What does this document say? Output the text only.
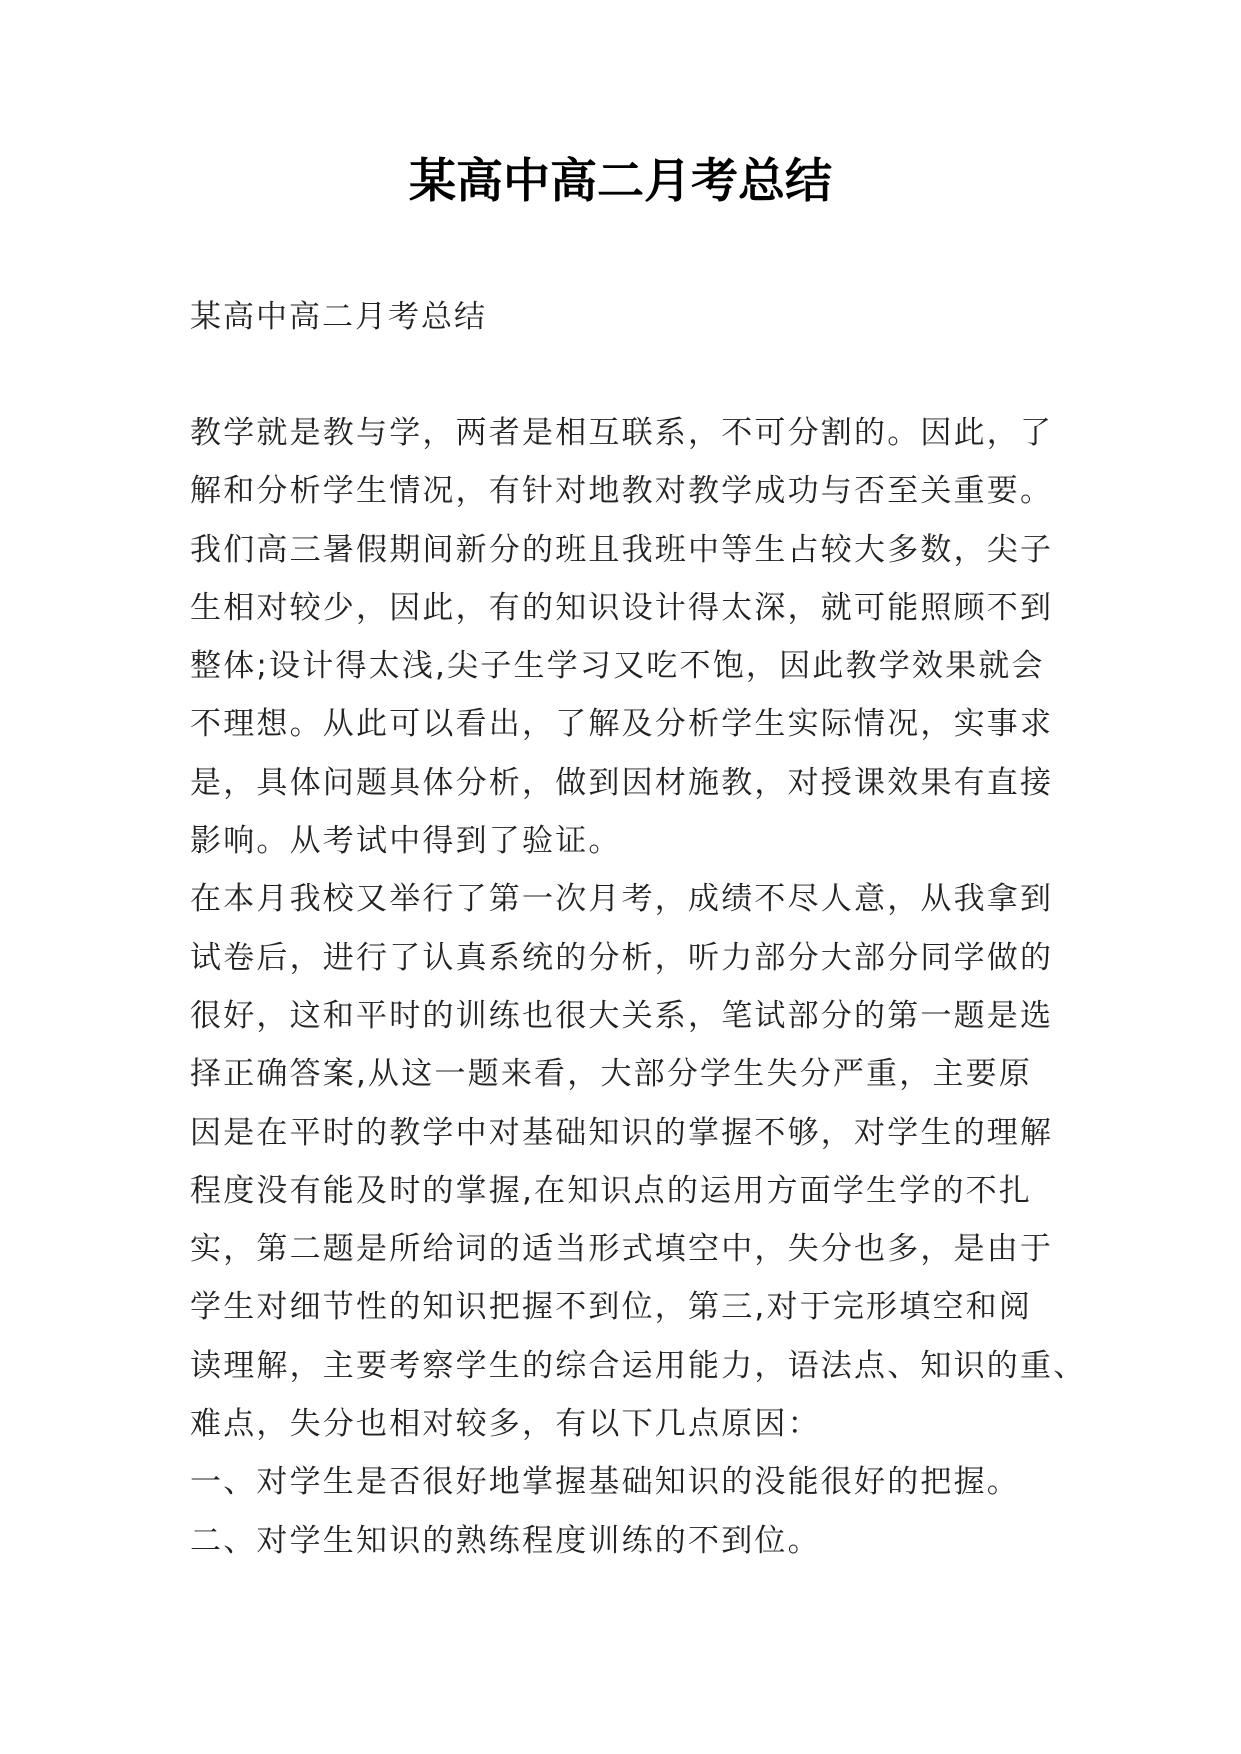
某高中高二月考总结

某高中高二月考总结

教学就是教与学，两者是相互联系，不可分割的。因此，了
解和分析学生情况，有针对地教对教学成功与否至关重要。
我们高三暑假期间新分的班且我班中等生占较大多数，尖子
生相对较少，因此，有的知识设计得太深，就可能照顾不到
整体;设计得太浅,尖子生学习又吃不饱，因此教学效果就会
不理想。从此可以看出，了解及分析学生实际情况，实事求
是，具体问题具体分析，做到因材施教，对授课效果有直接
影响。从考试中得到了验证。
在本月我校又举行了第一次月考，成绩不尽人意，从我拿到
试卷后，进行了认真系统的分析，听力部分大部分同学做的
很好，这和平时的训练也很大关系，笔试部分的第一题是选
择正确答案,从这一题来看，大部分学生失分严重，主要原
因是在平时的教学中对基础知识的掌握不够，对学生的理解
程度没有能及时的掌握,在知识点的运用方面学生学的不扎
实，第二题是所给词的适当形式填空中，失分也多，是由于
学生对细节性的知识把握不到位，第三,对于完形填空和阅
读理解，主要考察学生的综合运用能力，语法点、知识的重、
难点，失分也相对较多，有以下几点原因：
一、对学生是否很好地掌握基础知识的没能很好的把握。
二、对学生知识的熟练程度训练的不到位。
